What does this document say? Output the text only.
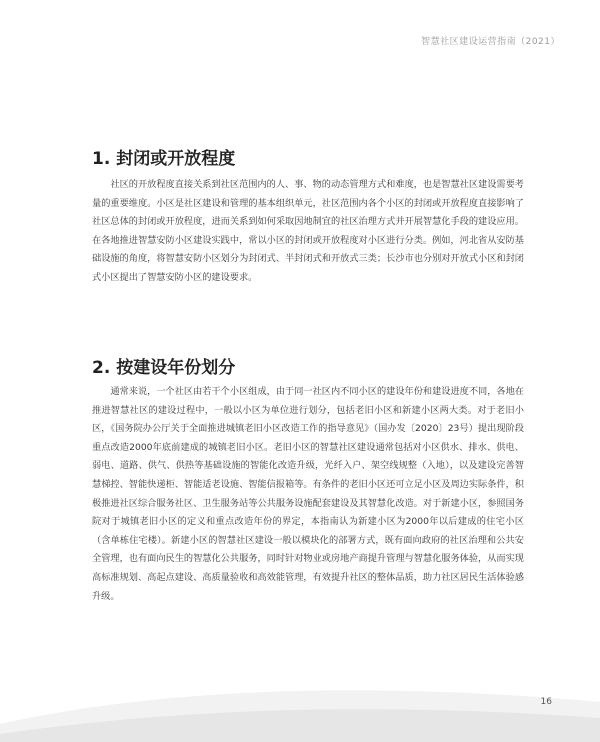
智慧社区建设运营指南（2021）
1. 封闭或开放程度

社区的开放程度直接关系到社区范围内的人、事、物的动态管理方式和难度，也是智慧社区建设需要考量的重要维度。小区是社区建设和管理的基本组织单元，社区范围内各个小区的封闭或开放程度直接影响了社区总体的封闭或开放程度，进而关系到如何采取因地制宜的社区治理方式并开展智慧化手段的建设应用。在各地推进智慧安防小区建设实践中，常以小区的封闭或开放程度对小区进行分类。例如，河北省从安防基础设施的角度，将智慧安防小区划分为封闭式、半封闭式和开放式三类；长沙市也分别对开放式小区和封闭式小区提出了智慧安防小区的建设要求。

2. 按建设年份划分

通常来说，一个社区由若干个小区组成，由于同一社区内不同小区的建设年份和建设进度不同，各地在推进智慧社区的建设过程中，一般以小区为单位进行划分，包括老旧小区和新建小区两大类。对于老旧小区，《国务院办公厅关于全面推进城镇老旧小区改造工作的指导意见》（国办发〔2020〕23号）提出现阶段重点改造2000年底前建成的城镇老旧小区。老旧小区的智慧社区建设通常包括对小区供水、排水、供电、弱电、道路、供气、供热等基础设施的智能化改造升级，光纤入户、架空线规整（入地），以及建设完善智慧梯控、智能快递柜、智能适老设施、智能信报箱等。有条件的老旧小区还可立足小区及周边实际条件，积极推进社区综合服务社区、卫生服务站等公共服务设施配套建设及其智慧化改造。对于新建小区，参照国务院对于城镇老旧小区的定义和重点改造年份的界定，本指南认为新建小区为2000年以后建成的住宅小区（含单栋住宅楼）。新建小区的智慧社区建设一般以模块化的部署方式，既有面向政府的社区治理和公共安全管理，也有面向民生的智慧化公共服务，同时针对物业或房地产商提升管理与智慧化服务体验，从而实现高标准规划、高起点建设、高质量验收和高效能管理，有效提升社区的整体品质，助力社区居民生活体验感升级。

16
